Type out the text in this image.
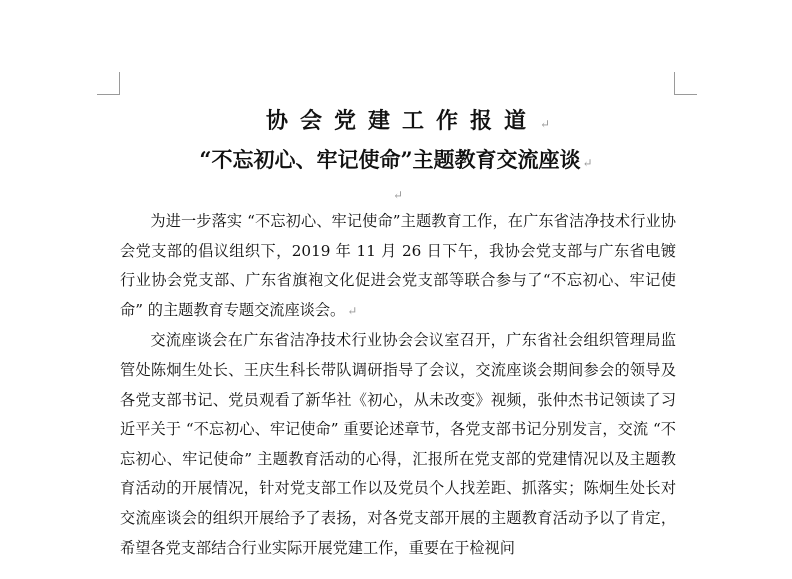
协会党建工作报道 ↵
“不忘初心、牢记使命”主题教育交流座谈 ↵
↵

为进一步落实 “不忘初心、牢记使命”主题教育工作，在广东省洁净技术行业协会党支部的倡议组织下，2019 年 11 月 26 日下午，我协会党支部与广东省电镀行业协会党支部、广东省旗袍文化促进会党支部等联合参与了“不忘初心、牢记使命” 的主题教育专题交流座谈会。 ↵

交流座谈会在广东省洁净技术行业协会会议室召开，广东省社会组织管理局监管处陈炯生处长、王庆生科长带队调研指导了会议，交流座谈会期间参会的领导及各党支部书记、党员观看了新华社《初心，从未改变》视频，张仲杰书记领读了习近平关于 “不忘初心、牢记使命” 重要论述章节，各党支部书记分别发言，交流 “不忘初心、牢记使命” 主题教育活动的心得，汇报所在党支部的党建情况以及主题教育活动的开展情况，针对党支部工作以及党员个人找差距、抓落实；陈炯生处长对交流座谈会的组织开展给予了表扬，对各党支部开展的主题教育活动予以了肯定，希望各党支部结合行业实际开展党建工作，重要在于检视问
